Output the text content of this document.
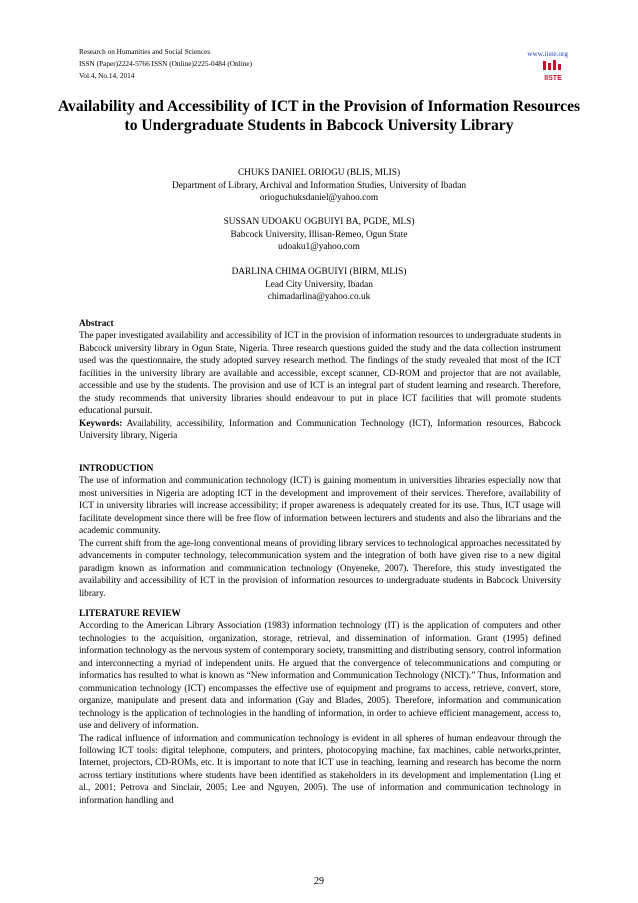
Research on Humanities and Social Sciences
ISSN (Paper)2224-5766 ISSN (Online)2225-0484 (Online)
Vol.4, No.14, 2014
www.iiste.org
IISTE
Availability and Accessibility of ICT in the Provision of Information Resources to Undergraduate Students in Babcock University Library
CHUKS DANIEL ORIOGU (BLIS, MLIS)
Department of Library, Archival and Information Studies, University of Ibadan
orioguchuksdaniel@yahoo.com
SUSSAN UDOAKU OGBUIYI BA, PGDE, MLS)
Babcock University, Illisan-Remeo, Ogun State
udoaku1@yahoo.com
DARLINA CHIMA OGBUIYI (BIRM, MLIS)
Lead City University, Ibadan
chimadarlina@yahoo.co.uk
Abstract

The paper investigated availability and accessibility of ICT in the provision of information resources to undergraduate students in Babcock university library in Ogun State, Nigeria. Three research questions guided the study and the data collection instrument used was the questionnaire, the study adopted survey research method. The findings of the study revealed that most of the ICT facilities in the university library are available and accessible, except scanner, CD-ROM and projector that are not available, accessible and use by the students. The provision and use of ICT is an integral part of student learning and research. Therefore, the study recommends that university libraries should endeavour to put in place ICT facilities that will promote students educational pursuit.

Keywords: Availability, accessibility, Information and Communication Technology (ICT), Information resources, Babcock University library, Nigeria

INTRODUCTION

The use of information and communication technology (ICT) is gaining momentum in universities libraries especially now that most universities in Nigeria are adopting ICT in the development and improvement of their services. Therefore, availability of ICT in university libraries will increase accessibility; if proper awareness is adequately created for its use. Thus, ICT usage will facilitate development since there will be free flow of information between lecturers and students and also the librarians and the academic community.

The current shift from the age-long conventional means of providing library services to technological approaches necessitated by advancements in computer technology, telecommunication system and the integration of both have given rise to a new digital paradigm known as information and communication technology (Onyeneke, 2007). Therefore, this study investigated the availability and accessibility of ICT in the provision of information resources to undergraduate students in Babcock University library.

LITERATURE REVIEW

According to the American Library Association (1983) information technology (IT) is the application of computers and other technologies to the acquisition, organization, storage, retrieval, and dissemination of information. Grant (1995) defined information technology as the nervous system of contemporary society, transmitting and distributing sensory, control information and interconnecting a myriad of independent units. He argued that the convergence of telecommunications and computing or informatics has resulted to what is known as “New information and Communication Technology (NICT).” Thus, Information and communication technology (ICT) encompasses the effective use of equipment and programs to access, retrieve, convert, store, organize, manipulate and present data and information (Gay and Blades, 2005). Therefore, information and communication technology is the application of technologies in the handling of information, in order to achieve efficient management, access to, use and delivery of information.

The radical influence of information and communication technology is evident in all spheres of human endeavour through the following ICT tools: digital telephone, computers, and printers, photocopying machine, fax machines, cable networks,printer, Internet, projectors, CD-ROMs, etc. It is important to note that ICT use in teaching, learning and research has become the norm across tertiary institutions where students have been identified as stakeholders in its development and implementation (Ling et al., 2001; Petrova and Sinclair, 2005; Lee and Nguyen, 2005). The use of information and communication technology in information handling and

29
